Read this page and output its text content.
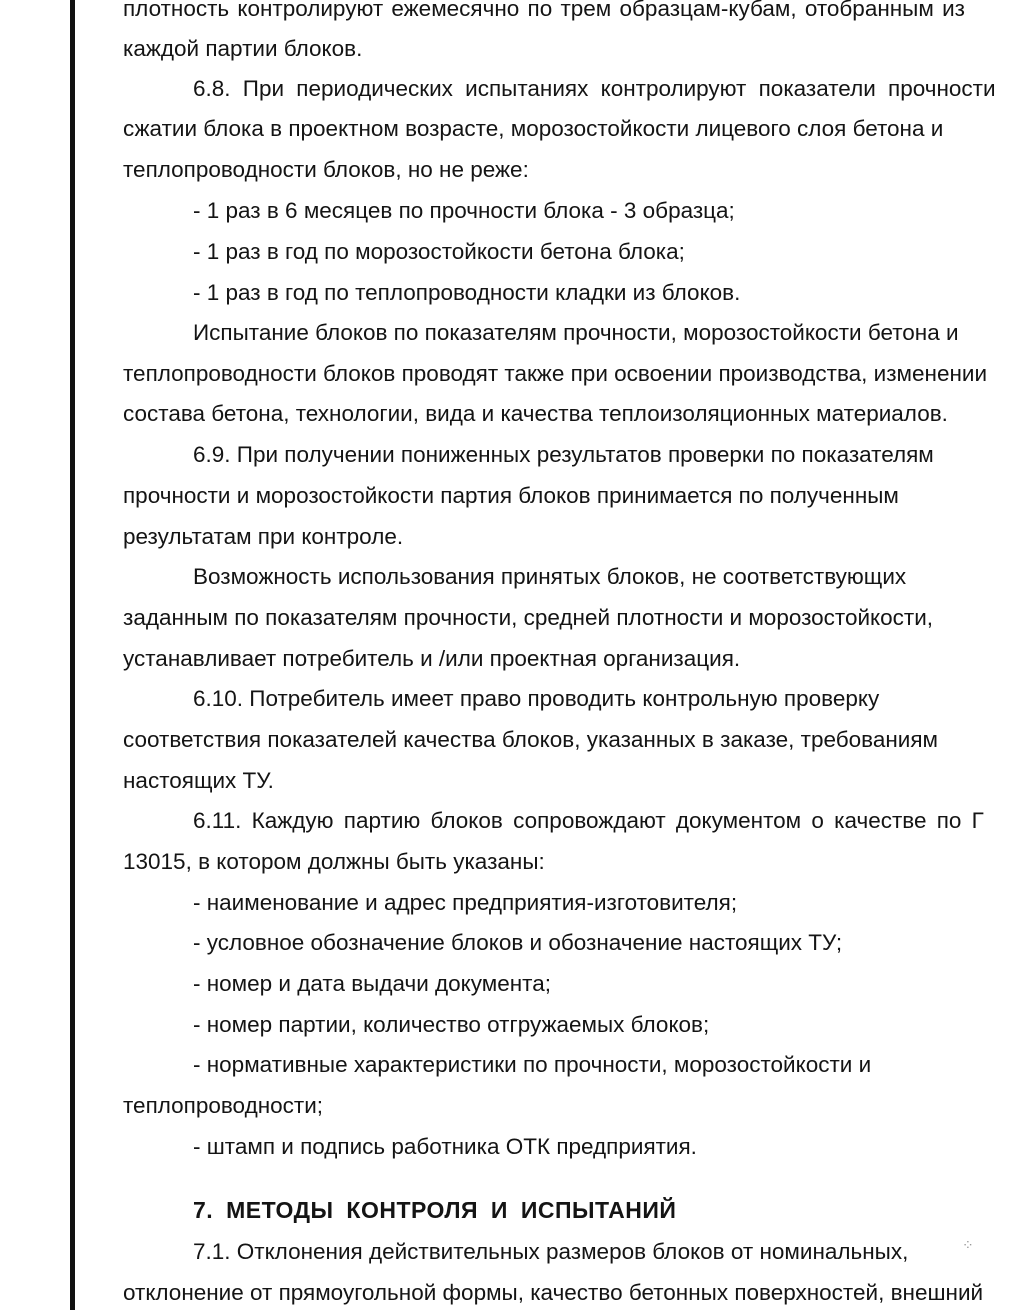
плотность контролируют ежемесячно по трем образцам-кубам, отобранным из
каждой партии блоков.
6.8. При периодических испытаниях контролируют показатели прочности
сжатии блока в проектном возрасте, морозостойкости лицевого слоя бетона и
теплопроводности блоков, но не реже:
- 1 раз в 6 месяцев по прочности блока - 3 образца;
- 1 раз в год по морозостойкости бетона блока;
- 1 раз в год по теплопроводности кладки из блоков.
Испытание блоков по показателям прочности, морозостойкости бетона и
теплопроводности блоков проводят также при освоении производства, изменении
состава бетона, технологии, вида и качества теплоизоляционных материалов.
6.9. При получении пониженных результатов проверки по показателям
прочности и морозостойкости партия блоков принимается по полученным
результатам при контроле.
Возможность использования принятых блоков, не соответствующих
заданным по показателям прочности, средней плотности и морозостойкости,
устанавливает потребитель и /или проектная организация.
6.10. Потребитель имеет право проводить контрольную проверку
соответствия показателей качества блоков, указанных в заказе, требованиям
настоящих ТУ.
6.11. Каждую партию блоков сопровождают документом о качестве по Г
13015, в котором должны быть указаны:
- наименование и адрес предприятия-изготовителя;
- условное обозначение блоков и обозначение настоящих ТУ;
- номер и дата выдачи документа;
- номер партии, количество отгружаемых блоков;
- нормативные характеристики по прочности, морозостойкости и
теплопроводности;
- штамп и подпись работника ОТК предприятия.
7. МЕТОДЫ КОНТРОЛЯ И ИСПЫТАНИЙ
7.1. Отклонения действительных размеров блоков от номинальных,
отклонение от прямоугольной формы, качество бетонных поверхностей, внешний
⁘
